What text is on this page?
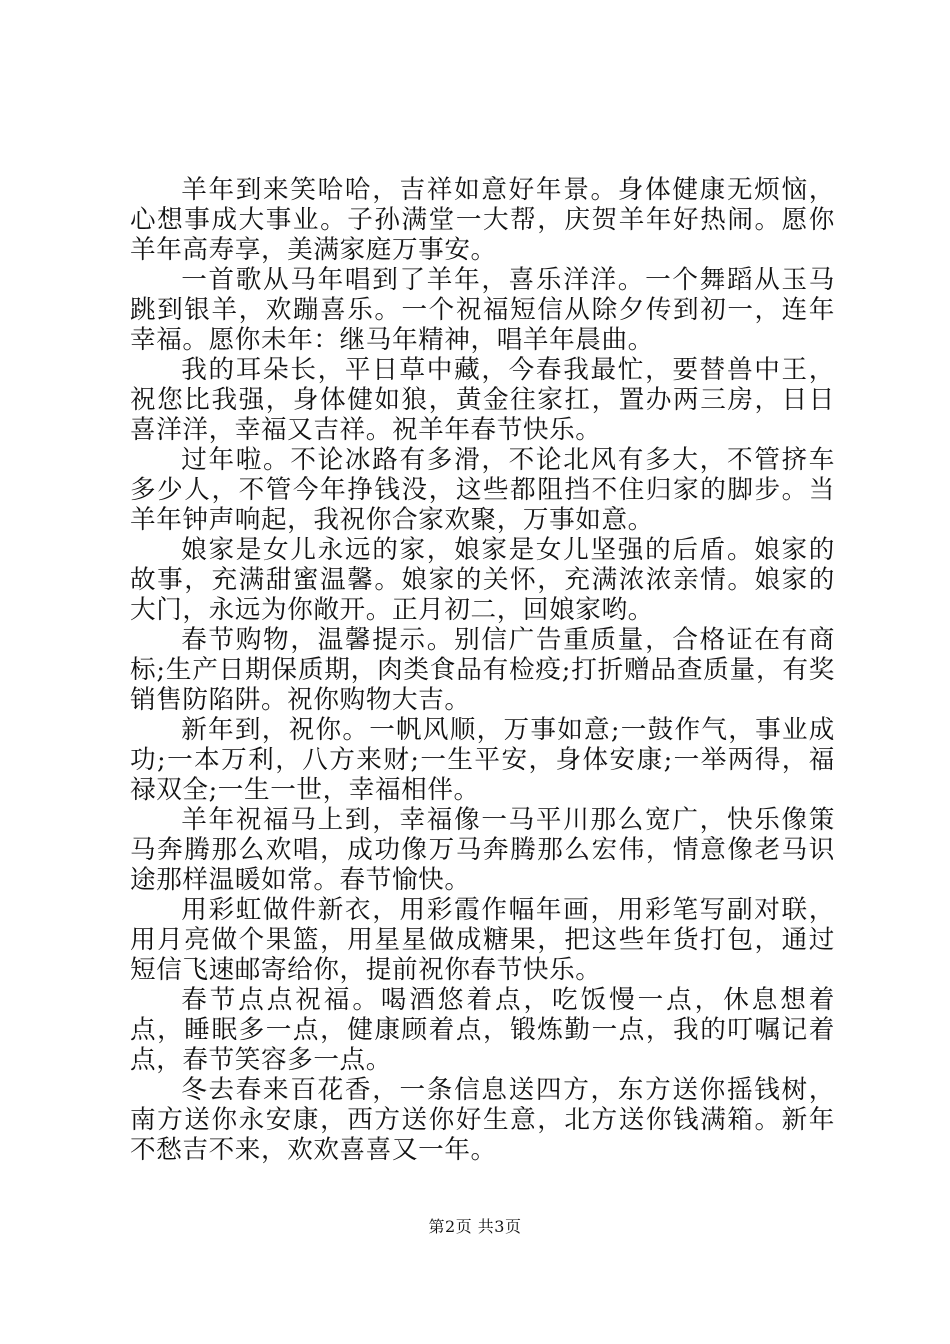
羊年到来笑哈哈，吉祥如意好年景。身体健康无烦恼，心想事成大事业。子孙满堂一大帮，庆贺羊年好热闹。愿你羊年高寿享，美满家庭万事安。

一首歌从马年唱到了羊年，喜乐洋洋。一个舞蹈从玉马跳到银羊，欢蹦喜乐。一个祝福短信从除夕传到初一，连年幸福。愿你未年：继马年精神，唱羊年晨曲。

我的耳朵长，平日草中藏，今春我最忙，要替兽中王，祝您比我强，身体健如狼，黄金往家扛，置办两三房，日日喜洋洋，幸福又吉祥。祝羊年春节快乐。

过年啦。不论冰路有多滑，不论北风有多大，不管挤车多少人，不管今年挣钱没，这些都阻挡不住归家的脚步。当羊年钟声响起，我祝你合家欢聚，万事如意。

娘家是女儿永远的家，娘家是女儿坚强的后盾。娘家的故事，充满甜蜜温馨。娘家的关怀，充满浓浓亲情。娘家的大门，永远为你敞开。正月初二，回娘家哟。

春节购物，温馨提示。别信广告重质量，合格证在有商标;生产日期保质期，肉类食品有检疫;打折赠品查质量，有奖销售防陷阱。祝你购物大吉。

新年到，祝你。一帆风顺，万事如意;一鼓作气，事业成功;一本万利，八方来财;一生平安，身体安康;一举两得，福禄双全;一生一世，幸福相伴。

羊年祝福马上到，幸福像一马平川那么宽广，快乐像策马奔腾那么欢唱，成功像万马奔腾那么宏伟，情意像老马识途那样温暖如常。春节愉快。

用彩虹做件新衣，用彩霞作幅年画，用彩笔写副对联，用月亮做个果篮，用星星做成糖果，把这些年货打包，通过短信飞速邮寄给你，提前祝你春节快乐。

春节点点祝福。喝酒悠着点，吃饭慢一点，休息想着点，睡眠多一点，健康顾着点，锻炼勤一点，我的叮嘱记着点，春节笑容多一点。

冬去春来百花香，一条信息送四方，东方送你摇钱树，南方送你永安康，西方送你好生意，北方送你钱满箱。新年不愁吉不来，欢欢喜喜又一年。

第2页 共3页
